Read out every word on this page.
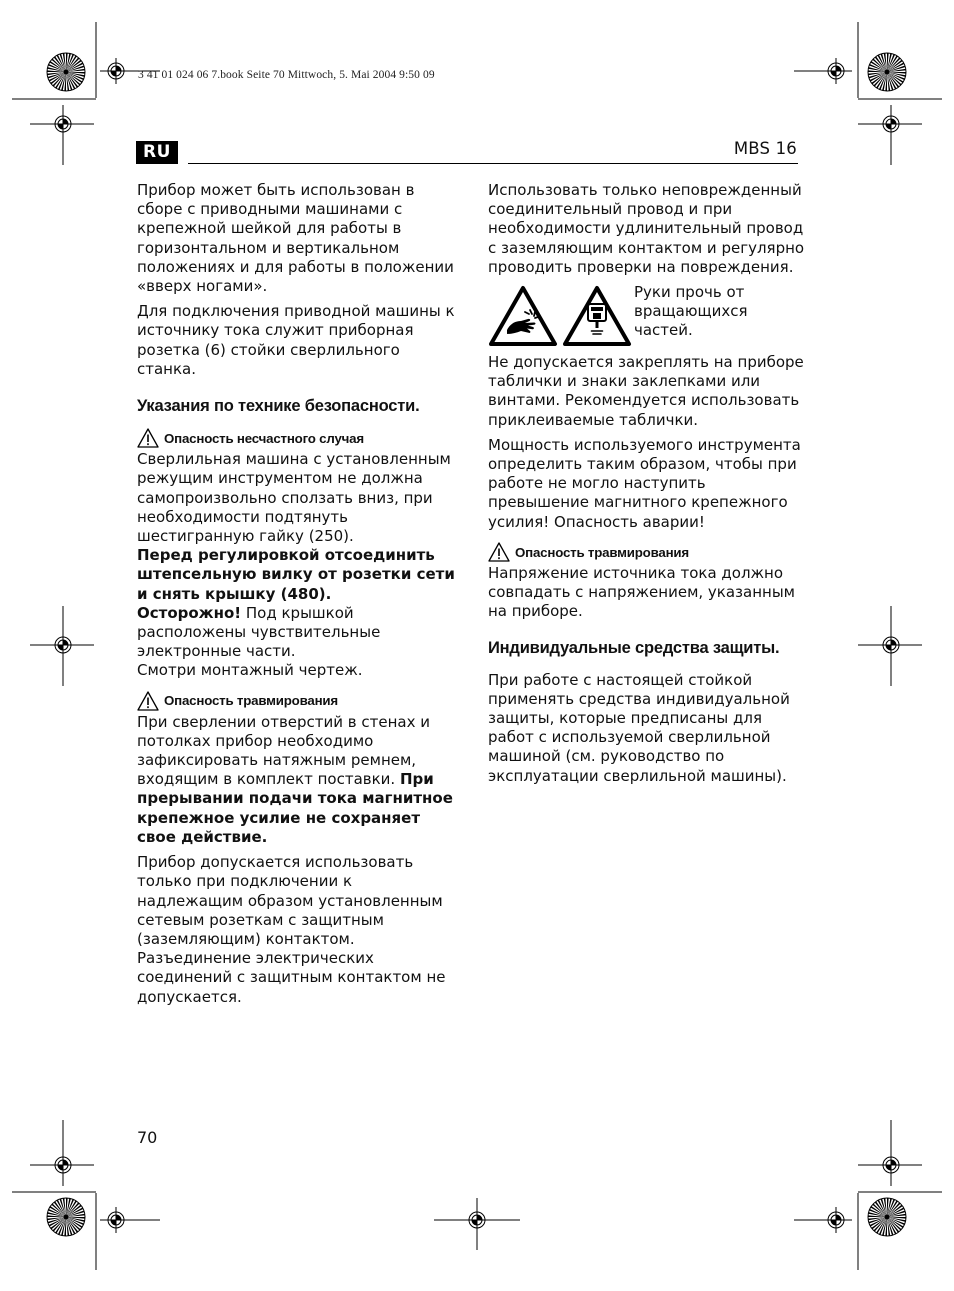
3 41 01 024 06 7.book Seite 70 Mittwoch, 5. Mai 2004 9:50 09
RU	MBS 16

Прибор может быть использован в сборе с приводными машинами с крепежной шейкой для работы в горизонтальном и вертикальном положениях и для работы в положении «вверх ногами».

Для подключения приводной машины к источнику тока служит приборная розетка (6) стойки сверлильного станка.

Указания по технике безопасности.
Опасность несчастного случая

Сверлильная машина с установленным режущим инструментом не должна самопроизвольно сползать вниз, при необходимости подтянуть шестигранную гайку (250).

Перед регулировкой отсоединить штепсельную вилку от розетки сети и снять крышку (480).

Осторожно! Под крышкой расположены чувствительные электронные части.

Смотри монтажный чертеж.

Опасность травмирования

При сверлении отверстий в стенах и потолках прибор необходимо зафиксировать натяжным ремнем, входящим в комплект поставки. При прерывании подачи тока магнитное крепежное усилие не сохраняет свое действие.

Прибор допускается использовать только при подключении к надлежащим образом установленным сетевым розеткам с защитным (заземляющим) контактом. Разъединение электрических соединений с защитным контактом не допускается.

Использовать только неповрежденный соединительный провод и при необходимости удлинительный провод с заземляющим контактом и регулярно проводить проверки на повреждения.

Руки прочь от вращающихся частей.

Не допускается закреплять на приборе таблички и знаки заклепками или винтами. Рекомендуется использовать приклеиваемые таблички.

Мощность используемого инструмента определить таким образом, чтобы при работе не могло наступить превышение магнитного крепежного усилия! Опасность аварии!

Опасность травмирования

Напряжение источника тока должно совпадать с напряжением, указанным на приборе.

Индивидуальные средства защиты.

При работе с настоящей стойкой применять средства индивидуальной защиты, которые предписаны для работ с используемой сверлильной машиной (см. руководство по эксплуатации сверлильной машины).

70
